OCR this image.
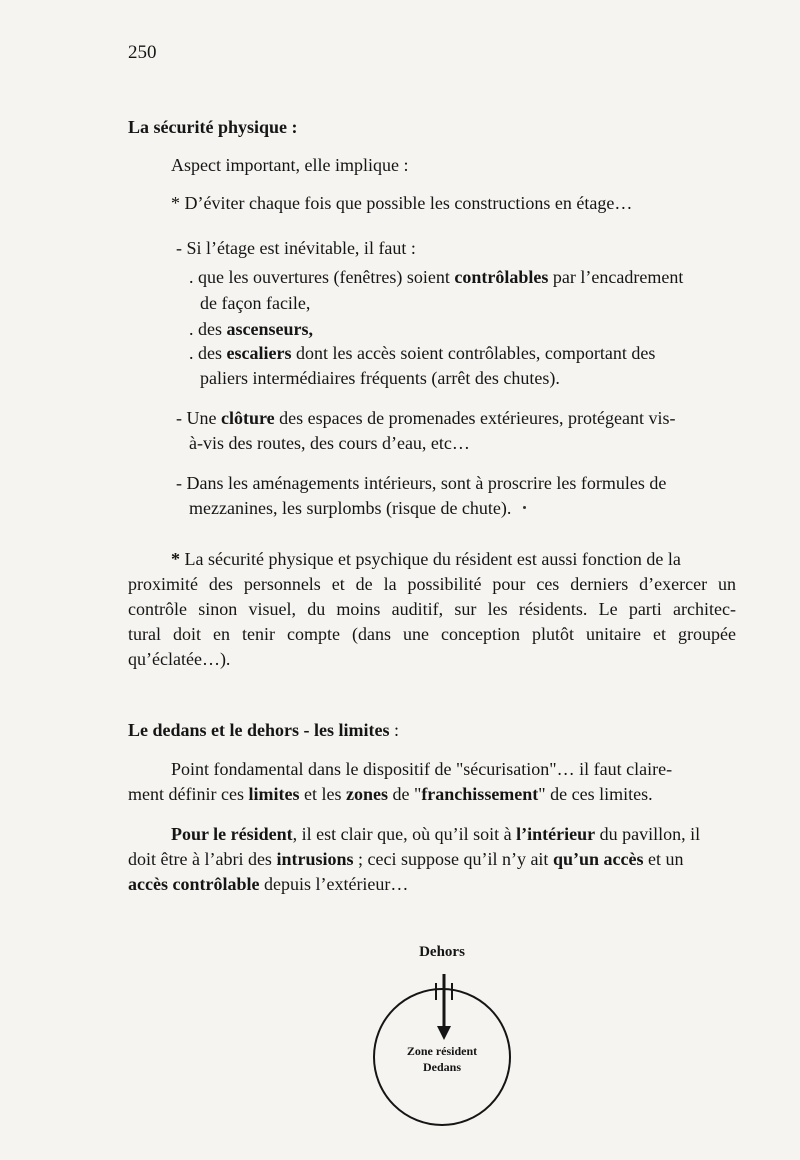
250
La sécurité physique :
Aspect important, elle implique :
* D’éviter chaque fois que possible les constructions en étage…
- Si l’étage est inévitable, il faut :
. que les ouvertures (fenêtres) soient contrôlables par l’encadrement
de façon facile,
. des ascenseurs,
. des escaliers dont les accès soient contrôlables, comportant des
paliers intermédiaires fréquents (arrêt des chutes).
- Une clôture des espaces de promenades extérieures, protégeant vis-
à-vis des routes, des cours d’eau, etc…
- Dans les aménagements intérieurs, sont à proscrire les formules de
mezzanines, les surplombs (risque de chute).
* La sécurité physique et psychique du résident est aussi fonction de la
proximité des personnels et de la possibilité pour ces derniers d’exercer un
contrôle sinon visuel, du moins auditif, sur les résidents. Le parti architec-
tural doit en tenir compte (dans une conception plutôt unitaire et groupée
qu’éclatée…).
Le dedans et le dehors - les limites :
Point fondamental dans le dispositif de "sécurisation"… il faut claire-
ment définir ces limites et les zones de "franchissement" de ces limites.
Pour le résident, il est clair que, où qu’il soit à l’intérieur du pavillon, il
doit être à l’abri des intrusions ; ceci suppose qu’il n’y ait qu’un accès et un
accès contrôlable depuis l’extérieur…
Dehors
Zone résident
Dedans
